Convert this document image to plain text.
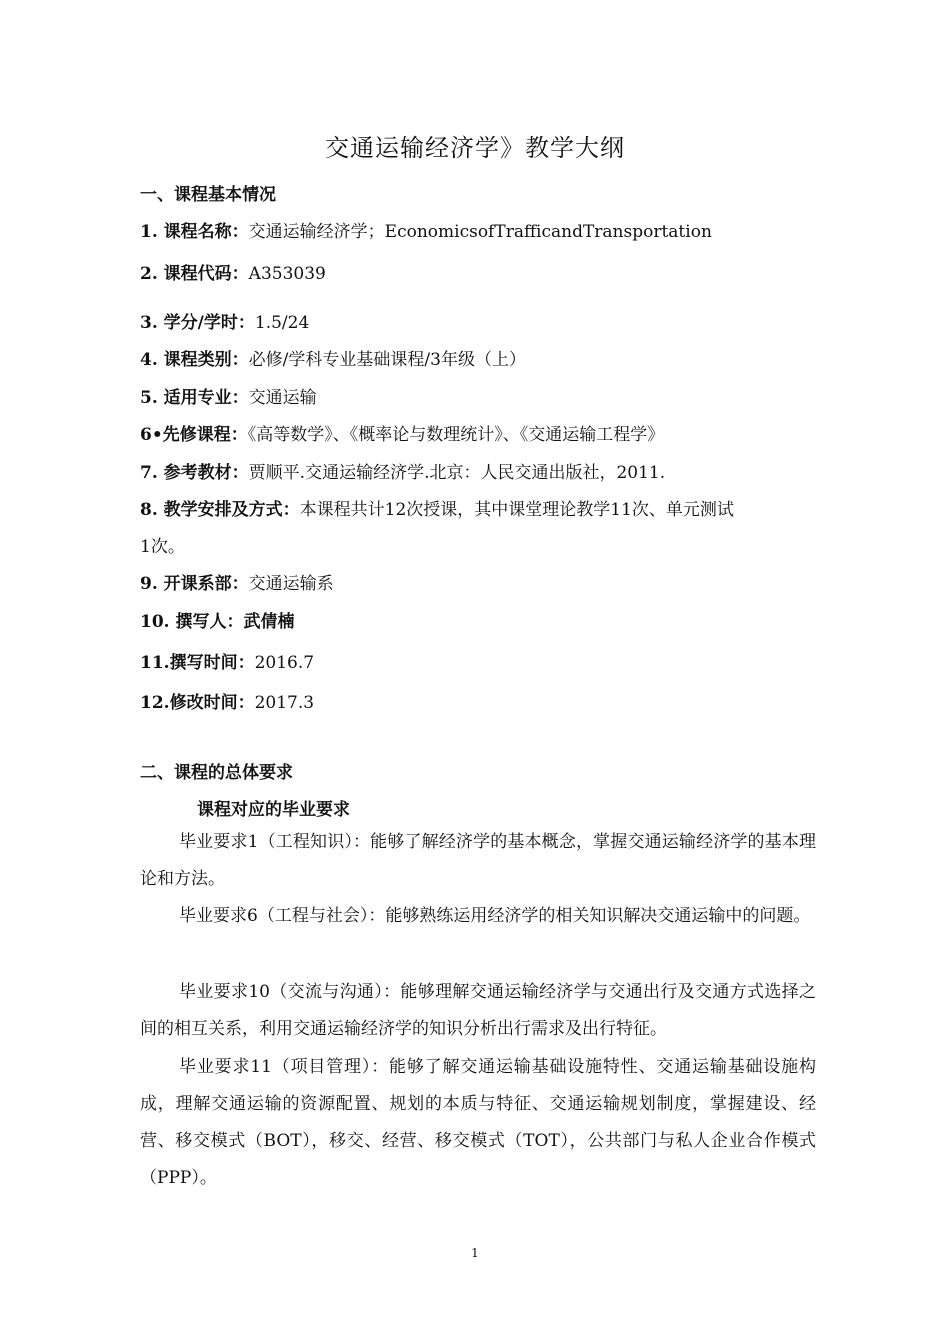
交通运输经济学》教学大纲
一、课程基本情况
1. 课程名称：交通运输经济学；EconomicsofTrafficandTransportation
2. 课程代码：A353039
3. 学分/学时：1.5/24
4. 课程类别：必修/学科专业基础课程/3年级（上）
5. 适用专业：交通运输
6•先修课程：《高等数学》、《概率论与数理统计》、《交通运输工程学》
7. 参考教材：贾顺平.交通运输经济学.北京：人民交通出版社，2011.
8. 教学安排及方式：本课程共计12次授课，其中课堂理论教学11次、单元测试
1次。
9. 开课系部：交通运输系
10. 撰写人：武倩楠
11.撰写时间：2016.7
12.修改时间：2017.3
二、课程的总体要求
课程对应的毕业要求
毕业要求1（工程知识）：能够了解经济学的基本概念，掌握交通运输经济学的基本理论和方法。
毕业要求6（工程与社会）：能够熟练运用经济学的相关知识解决交通运输中的问题。
毕业要求10（交流与沟通）：能够理解交通运输经济学与交通出行及交通方式选择之间的相互关系，利用交通运输经济学的知识分析出行需求及出行特征。
毕业要求11（项目管理）：能够了解交通运输基础设施特性、交通运输基础设施构成，理解交通运输的资源配置、规划的本质与特征、交通运输规划制度，掌握建设、经营、移交模式（BOT），移交、经营、移交模式（TOT），公共部门与私人企业合作模式（PPP）。
1
